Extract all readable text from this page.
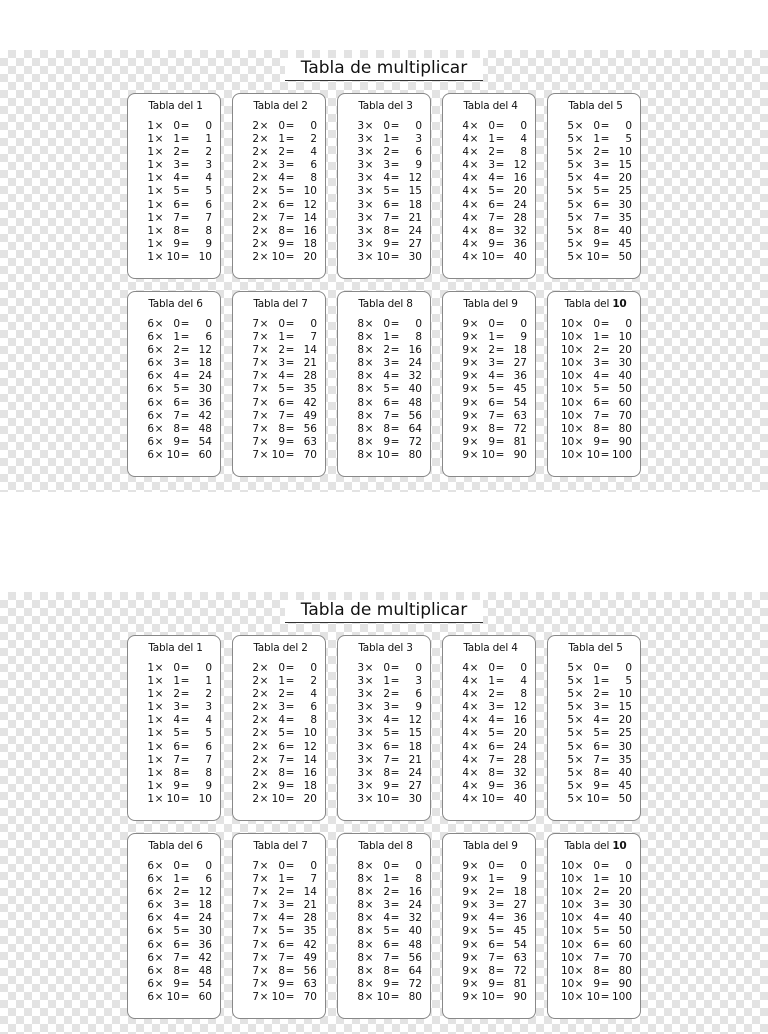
Tabla de multiplicar
Tabla del 1
1 × 0 =	0
1 × 1 =	1
1 × 2 =	2
1 × 3 =	3
1 × 4 =	4
1 × 5 =	5
1 × 6 =	6
1 × 7 =	7
1 × 8 =	8
1 × 9 =	9
1 × 10 = 10
Tabla del 2
2 × 0 =	0
2 × 1 =	2
2 × 2 =	4
2 × 3 =	6
2 × 4 =	8
2 × 5 = 10
2 × 6 = 12
2 × 7 = 14
2 × 8 = 16
2 × 9 = 18
2 × 10 = 20
Tabla del 3
3 × 0 =	0
3 × 1 =	3
3 × 2 =	6
3 × 3 =	9
3 × 4 = 12
3 × 5 = 15
3 × 6 = 18
3 × 7 = 21
3 × 8 = 24
3 × 9 = 27
3 × 10 = 30
Tabla del 4
4 × 0 =	0
4 × 1 =	4
4 × 2 =	8
4 × 3 = 12
4 × 4 = 16
4 × 5 = 20
4 × 6 = 24
4 × 7 = 28
4 × 8 = 32
4 × 9 = 36
4 × 10 = 40
Tabla del 5
5 × 0 =	0
5 × 1 =	5
5 × 2 = 10
5 × 3 = 15
5 × 4 = 20
5 × 5 = 25
5 × 6 = 30
5 × 7 = 35
5 × 8 = 40
5 × 9 = 45
5 × 10 = 50
Tabla del 6
6 × 0 =	0
6 × 1 =	6
6 × 2 = 12
6 × 3 = 18
6 × 4 = 24
6 × 5 = 30
6 × 6 = 36
6 × 7 = 42
6 × 8 = 48
6 × 9 = 54
6 × 10 = 60
Tabla del 7
7 × 0 =	0
7 × 1 =	7
7 × 2 = 14
7 × 3 = 21
7 × 4 = 28
7 × 5 = 35
7 × 6 = 42
7 × 7 = 49
7 × 8 = 56
7 × 9 = 63
7 × 10 = 70
Tabla del 8
8 × 0 =	0
8 × 1 =	8
8 × 2 = 16
8 × 3 = 24
8 × 4 = 32
8 × 5 = 40
8 × 6 = 48
8 × 7 = 56
8 × 8 = 64
8 × 9 = 72
8 × 10 = 80
Tabla del 9
9 × 0 =	0
9 × 1 =	9
9 × 2 = 18
9 × 3 = 27
9 × 4 = 36
9 × 5 = 45
9 × 6 = 54
9 × 7 = 63
9 × 8 = 72
9 × 9 = 81
9 × 10 = 90
Tabla del 10
10 × 0 =	0
10 × 1 = 10
10 × 2 = 20
10 × 3 = 30
10 × 4 = 40
10 × 5 = 50
10 × 6 = 60
10 × 7 = 70
10 × 8 = 80
10 × 9 = 90
10 × 10 = 100
Tabla de multiplicar
Tabla del 1
1 × 0 =	0
1 × 1 =	1
1 × 2 =	2
1 × 3 =	3
1 × 4 =	4
1 × 5 =	5
1 × 6 =	6
1 × 7 =	7
1 × 8 =	8
1 × 9 =	9
1 × 10 = 10
Tabla del 2
2 × 0 =	0
2 × 1 =	2
2 × 2 =	4
2 × 3 =	6
2 × 4 =	8
2 × 5 = 10
2 × 6 = 12
2 × 7 = 14
2 × 8 = 16
2 × 9 = 18
2 × 10 = 20
Tabla del 3
3 × 0 =	0
3 × 1 =	3
3 × 2 =	6
3 × 3 =	9
3 × 4 = 12
3 × 5 = 15
3 × 6 = 18
3 × 7 = 21
3 × 8 = 24
3 × 9 = 27
3 × 10 = 30
Tabla del 4
4 × 0 =	0
4 × 1 =	4
4 × 2 =	8
4 × 3 = 12
4 × 4 = 16
4 × 5 = 20
4 × 6 = 24
4 × 7 = 28
4 × 8 = 32
4 × 9 = 36
4 × 10 = 40
Tabla del 5
5 × 0 =	0
5 × 1 =	5
5 × 2 = 10
5 × 3 = 15
5 × 4 = 20
5 × 5 = 25
5 × 6 = 30
5 × 7 = 35
5 × 8 = 40
5 × 9 = 45
5 × 10 = 50
Tabla del 6
6 × 0 =	0
6 × 1 =	6
6 × 2 = 12
6 × 3 = 18
6 × 4 = 24
6 × 5 = 30
6 × 6 = 36
6 × 7 = 42
6 × 8 = 48
6 × 9 = 54
6 × 10 = 60
Tabla del 7
7 × 0 =	0
7 × 1 =	7
7 × 2 = 14
7 × 3 = 21
7 × 4 = 28
7 × 5 = 35
7 × 6 = 42
7 × 7 = 49
7 × 8 = 56
7 × 9 = 63
7 × 10 = 70
Tabla del 8
8 × 0 =	0
8 × 1 =	8
8 × 2 = 16
8 × 3 = 24
8 × 4 = 32
8 × 5 = 40
8 × 6 = 48
8 × 7 = 56
8 × 8 = 64
8 × 9 = 72
8 × 10 = 80
Tabla del 9
9 × 0 =	0
9 × 1 =	9
9 × 2 = 18
9 × 3 = 27
9 × 4 = 36
9 × 5 = 45
9 × 6 = 54
9 × 7 = 63
9 × 8 = 72
9 × 9 = 81
9 × 10 = 90
Tabla del 10
10 × 0 =	0
10 × 1 = 10
10 × 2 = 20
10 × 3 = 30
10 × 4 = 40
10 × 5 = 50
10 × 6 = 60
10 × 7 = 70
10 × 8 = 80
10 × 9 = 90
10 × 10 = 100
